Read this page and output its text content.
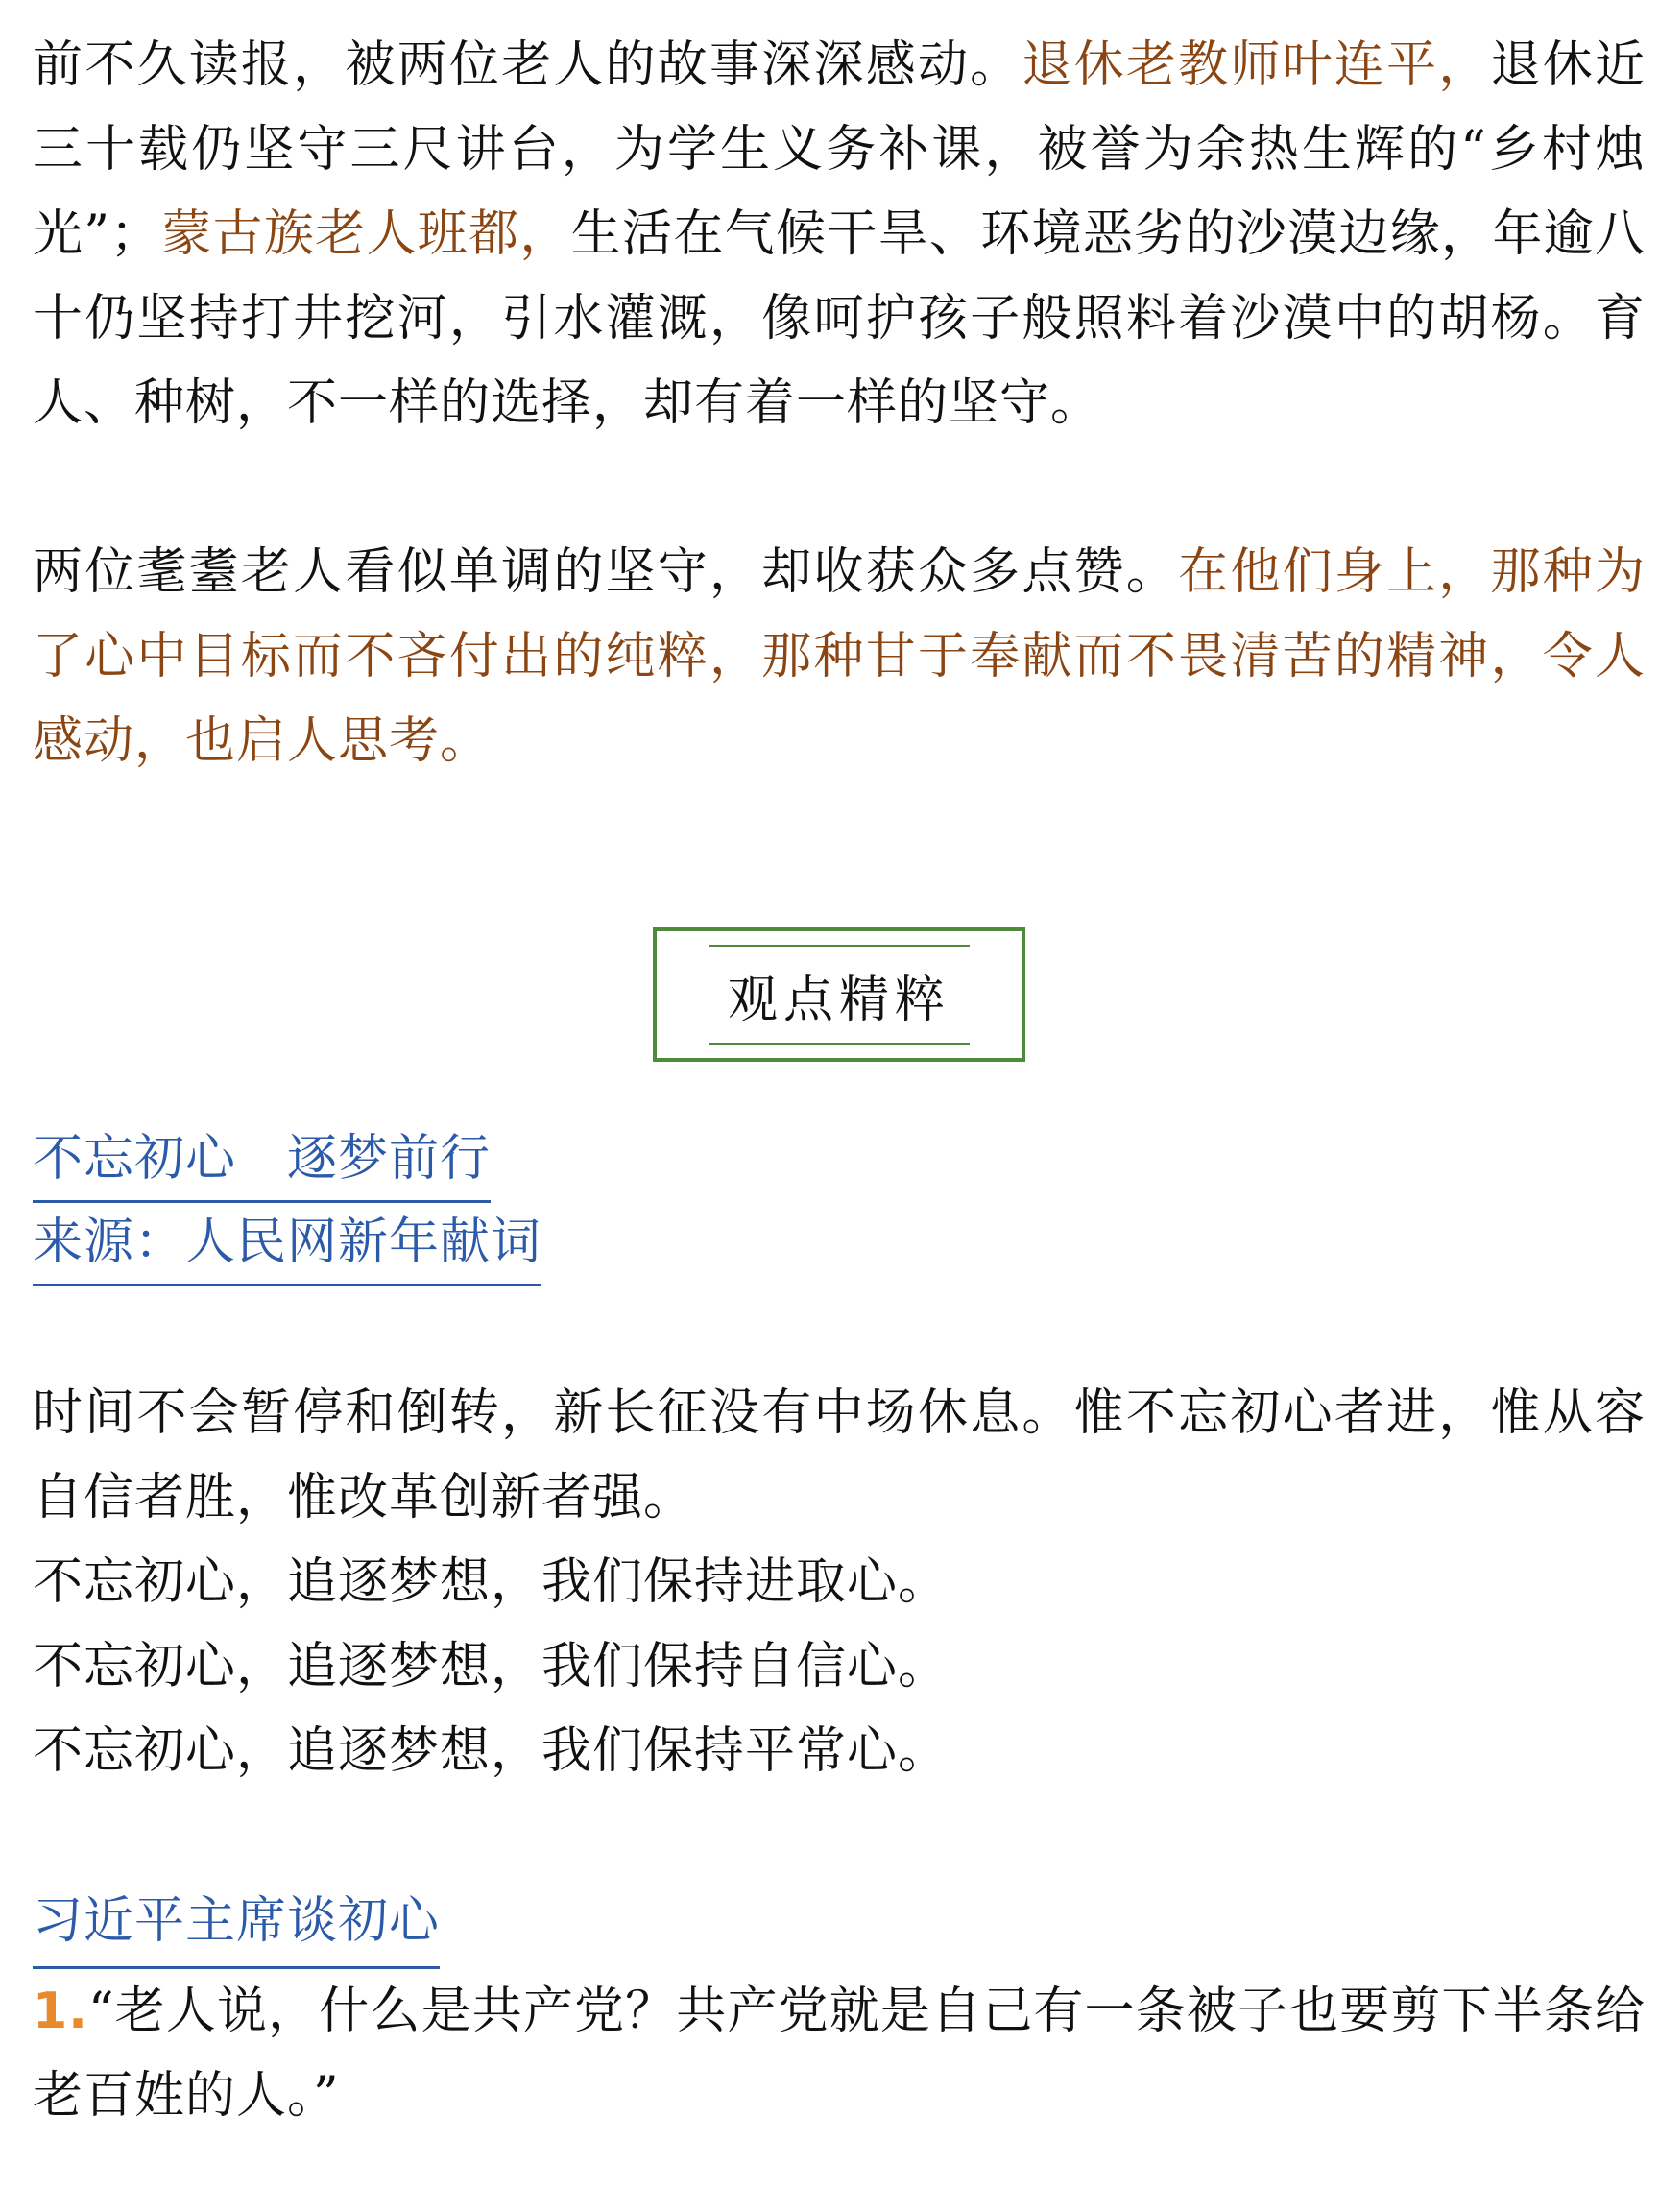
前不久读报，被两位老人的故事深深感动。退休老教师叶连平，退休近三十载仍坚守三尺讲台，为学生义务补课，被誉为余热生辉的“乡村烛光”；蒙古族老人班都，生活在气候干旱、环境恶劣的沙漠边缘，年逾八十仍坚持打井挖河，引水灌溉，像呵护孩子般照料着沙漠中的胡杨。育人、种树，不一样的选择，却有着一样的坚守。

两位耄耋老人看似单调的坚守，却收获众多点赞。在他们身上，那种为了心中目标而不吝付出的纯粹，那种甘于奉献而不畏清苦的精神，令人感动，也启人思考。

观点精粹
不忘初心　逐梦前行
来源：人民网新年献词

时间不会暂停和倒转，新长征没有中场休息。惟不忘初心者进，惟从容自信者胜，惟改革创新者强。

不忘初心，追逐梦想，我们保持进取心。

不忘初心，追逐梦想，我们保持自信心。

不忘初心，追逐梦想，我们保持平常心。

习近平主席谈初心

1.“老人说，什么是共产党？共产党就是自己有一条被子也要剪下半条给老百姓的人。”
